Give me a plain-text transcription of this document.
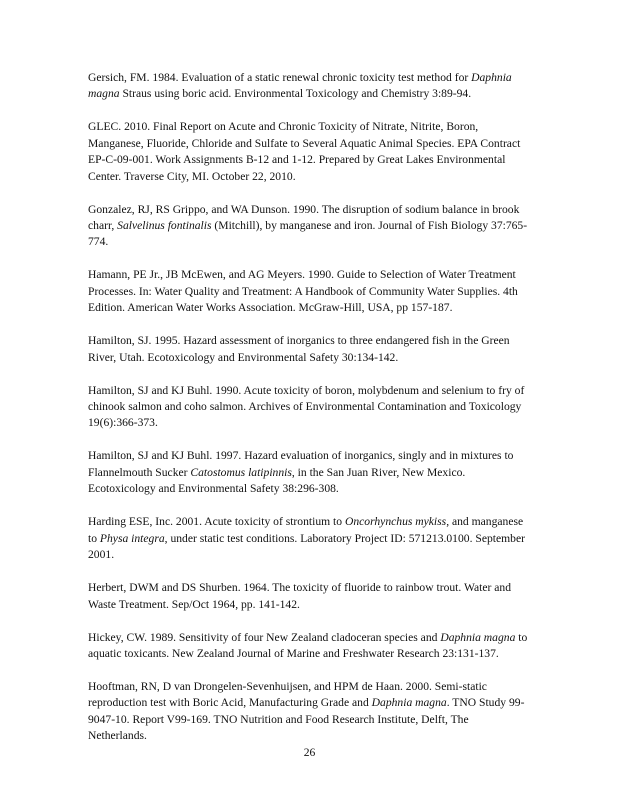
Gersich, FM. 1984. Evaluation of a static renewal chronic toxicity test method for Daphnia magna Straus using boric acid. Environmental Toxicology and Chemistry 3:89-94.

GLEC. 2010. Final Report on Acute and Chronic Toxicity of Nitrate, Nitrite, Boron, Manganese, Fluoride, Chloride and Sulfate to Several Aquatic Animal Species. EPA Contract EP-C-09-001. Work Assignments B-12 and 1-12. Prepared by Great Lakes Environmental Center. Traverse City, MI. October 22, 2010.

Gonzalez, RJ, RS Grippo, and WA Dunson. 1990. The disruption of sodium balance in brook charr, Salvelinus fontinalis (Mitchill), by manganese and iron. Journal of Fish Biology 37:765-774.

Hamann, PE Jr., JB McEwen, and AG Meyers. 1990. Guide to Selection of Water Treatment Processes. In: Water Quality and Treatment: A Handbook of Community Water Supplies. 4th Edition. American Water Works Association. McGraw-Hill, USA, pp 157-187.

Hamilton, SJ. 1995. Hazard assessment of inorganics to three endangered fish in the Green River, Utah. Ecotoxicology and Environmental Safety 30:134-142.

Hamilton, SJ and KJ Buhl. 1990. Acute toxicity of boron, molybdenum and selenium to fry of chinook salmon and coho salmon. Archives of Environmental Contamination and Toxicology 19(6):366-373.

Hamilton, SJ and KJ Buhl. 1997. Hazard evaluation of inorganics, singly and in mixtures to Flannelmouth Sucker Catostomus latipinnis, in the San Juan River, New Mexico. Ecotoxicology and Environmental Safety 38:296-308.

Harding ESE, Inc. 2001. Acute toxicity of strontium to Oncorhynchus mykiss, and manganese to Physa integra, under static test conditions. Laboratory Project ID: 571213.0100. September 2001.

Herbert, DWM and DS Shurben. 1964. The toxicity of fluoride to rainbow trout. Water and Waste Treatment. Sep/Oct 1964, pp. 141-142.

Hickey, CW. 1989. Sensitivity of four New Zealand cladoceran species and Daphnia magna to aquatic toxicants. New Zealand Journal of Marine and Freshwater Research 23:131-137.

Hooftman, RN, D van Drongelen-Sevenhuijsen, and HPM de Haan. 2000. Semi-static reproduction test with Boric Acid, Manufacturing Grade and Daphnia magna. TNO Study 99-9047-10. Report V99-169. TNO Nutrition and Food Research Institute, Delft, The Netherlands.

26
